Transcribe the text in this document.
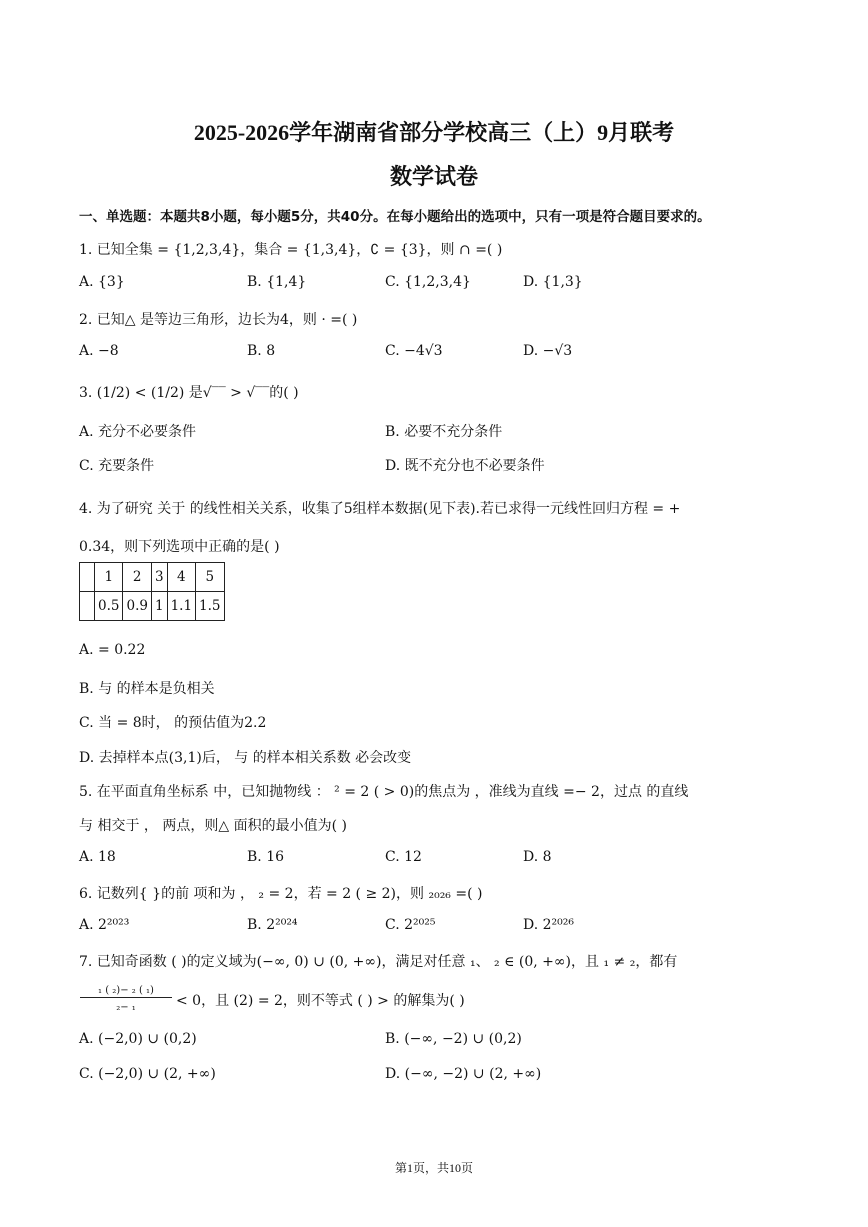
2025-2026学年湖南省部分学校高三（上）9月联考
数学试卷
一、单选题：本题共8小题，每小题5分，共40分。在每小题给出的选项中，只有一项是符合题目要求的。
1. 已知全集 = {1,2,3,4}，集合 = {1,3,4}，∁ = {3}，则 ∩ =( )
A. {3}	B. {1,4}	C. {1,2,3,4}	D. {1,3}
2. 已知△ 是等边三角形，边长为4，则 · =( )
A. −8	B. 8	C. −4√3	D. −√3
3. (1/2) < (1/2) 是√‾‾ > √‾‾的( )
A. 充分不必要条件	B. 必要不充分条件
C. 充要条件	D. 既不充分也不必要条件
4. 为了研究 关于 的线性相关关系，收集了5组样本数据(见下表).若已求得一元线性回归方程 = +
0.34，则下列选项中正确的是( )
	1	2	3	4	5
	0.5	0.9	1	1.1	1.5
A. = 0.22
B. 与 的样本是负相关
C. 当 = 8时， 的预估值为2.2
D. 去掉样本点(3,1)后， 与 的样本相关系数 必会改变
5. 在平面直角坐标系 中，已知抛物线 ： ² = 2 ( > 0)的焦点为 ，准线为直线 =− 2，过点 的直线
与 相交于 ， 两点，则△ 面积的最小值为( )
A. 18	B. 16	C. 12	D. 8
6. 记数列{ }的前 项和为 ， ₂ = 2，若 = 2 ( ≥ 2)，则 ₂₀₂₆ =( )
A. 2²⁰²³	B. 2²⁰²⁴	C. 2²⁰²⁵	D. 2²⁰²⁶
7. 已知奇函数 ( )的定义域为(−∞, 0) ∪ (0, +∞)，满足对任意 ₁、 ₂ ∈ (0, +∞)，且 ₁ ≠ ₂，都有
₁ ( ₂)− ₂ ( ₁)
₂− ₁	< 0，且 (2) = 2，则不等式 ( ) > 的解集为( )
A. (−2,0) ∪ (0,2)	B. (−∞, −2) ∪ (0,2)
C. (−2,0) ∪ (2, +∞)	D. (−∞, −2) ∪ (2, +∞)
第1页，共10页
